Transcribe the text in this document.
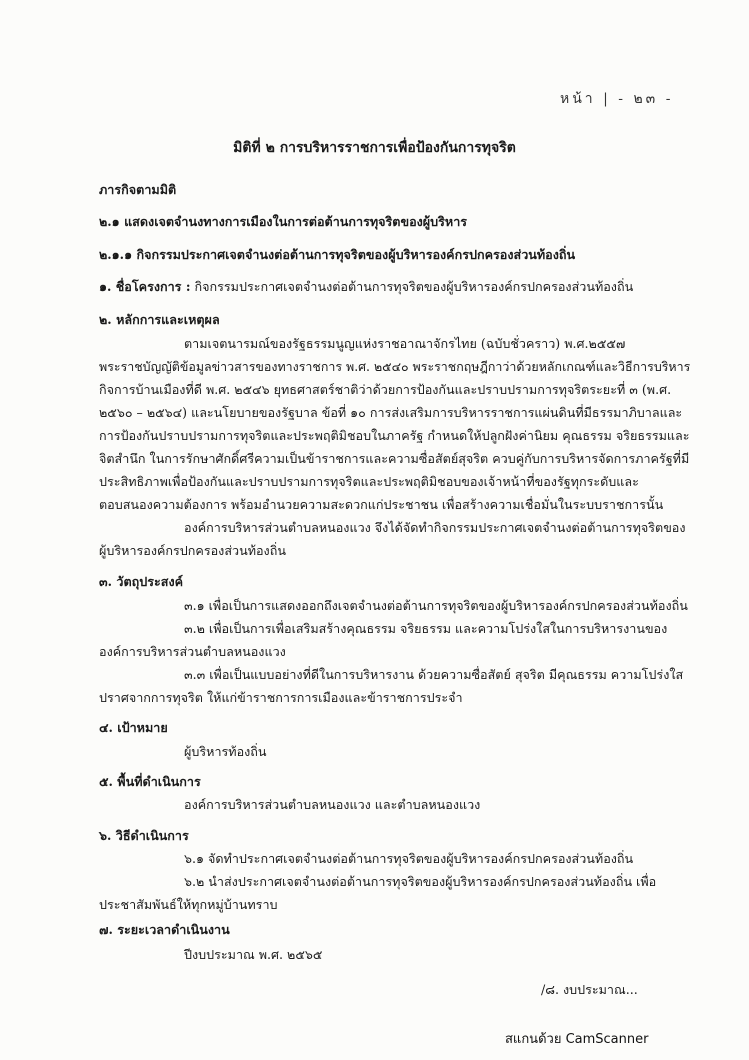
หน้า | - ๒๓ -
มิติที่ ๒ การบริหารราชการเพื่อป้องกันการทุจริต
ภารกิจตามมิติ
๒.๑ แสดงเจตจำนงทางการเมืองในการต่อต้านการทุจริตของผู้บริหาร
๒.๑.๑ กิจกรรมประกาศเจตจำนงต่อต้านการทุจริตของผู้บริหารองค์กรปกครองส่วนท้องถิ่น
๑. ชื่อโครงการ : กิจกรรมประกาศเจตจำนงต่อต้านการทุจริตของผู้บริหารองค์กรปกครองส่วนท้องถิ่น
๒. หลักการและเหตุผล
ตามเจตนารมณ์ของรัฐธรรมนูญแห่งราชอาณาจักรไทย (ฉบับชั่วคราว) พ.ศ.๒๕๕๗
พระราชบัญญัติข้อมูลข่าวสารของทางราชการ พ.ศ. ๒๕๔๐ พระราชกฤษฎีกาว่าด้วยหลักเกณฑ์และวิธีการบริหาร
กิจการบ้านเมืองที่ดี พ.ศ. ๒๕๔๖ ยุทธศาสตร์ชาติว่าด้วยการป้องกันและปราบปรามการทุจริตระยะที่ ๓ (พ.ศ.
๒๕๖๐ – ๒๕๖๔) และนโยบายของรัฐบาล ข้อที่ ๑๐ การส่งเสริมการบริหารราชการแผ่นดินที่มีธรรมาภิบาลและ
การป้องกันปราบปรามการทุจริตและประพฤติมิชอบในภาครัฐ กำหนดให้ปลูกฝังค่านิยม คุณธรรม จริยธรรมและ
จิตสำนึก ในการรักษาศักดิ์ศรีความเป็นข้าราชการและความซื่อสัตย์สุจริต ควบคู่กับการบริหารจัดการภาครัฐที่มี
ประสิทธิภาพเพื่อป้องกันและปราบปรามการทุจริตและประพฤติมิชอบของเจ้าหน้าที่ของรัฐทุกระดับและ
ตอบสนองความต้องการ พร้อมอำนวยความสะดวกแก่ประชาชน เพื่อสร้างความเชื่อมั่นในระบบราชการนั้น
องค์การบริหารส่วนตำบลหนองแวง จึงได้จัดทำกิจกรรมประกาศเจตจำนงต่อต้านการทุจริตของ
ผู้บริหารองค์กรปกครองส่วนท้องถิ่น
๓. วัตถุประสงค์
๓.๑ เพื่อเป็นการแสดงออกถึงเจตจำนงต่อต้านการทุจริตของผู้บริหารองค์กรปกครองส่วนท้องถิ่น
๓.๒ เพื่อเป็นการเพื่อเสริมสร้างคุณธรรม จริยธรรม และความโปร่งใสในการบริหารงานของ
องค์การบริหารส่วนตำบลหนองแวง
๓.๓ เพื่อเป็นแบบอย่างที่ดีในการบริหารงาน ด้วยความซื่อสัตย์ สุจริต มีคุณธรรม ความโปร่งใส
ปราศจากการทุจริต ให้แก่ข้าราชการการเมืองและข้าราชการประจำ
๔. เป้าหมาย
ผู้บริหารท้องถิ่น
๕. พื้นที่ดำเนินการ
องค์การบริหารส่วนตำบลหนองแวง และตำบลหนองแวง
๖. วิธีดำเนินการ
๖.๑ จัดทำประกาศเจตจำนงต่อต้านการทุจริตของผู้บริหารองค์กรปกครองส่วนท้องถิ่น
๖.๒ นำส่งประกาศเจตจำนงต่อต้านการทุจริตของผู้บริหารองค์กรปกครองส่วนท้องถิ่น เพื่อ
ประชาสัมพันธ์ให้ทุกหมู่บ้านทราบ
๗. ระยะเวลาดำเนินงาน
ปีงบประมาณ พ.ศ. ๒๕๖๕
/๘. งบประมาณ...
สแกนด้วย CamScanner
